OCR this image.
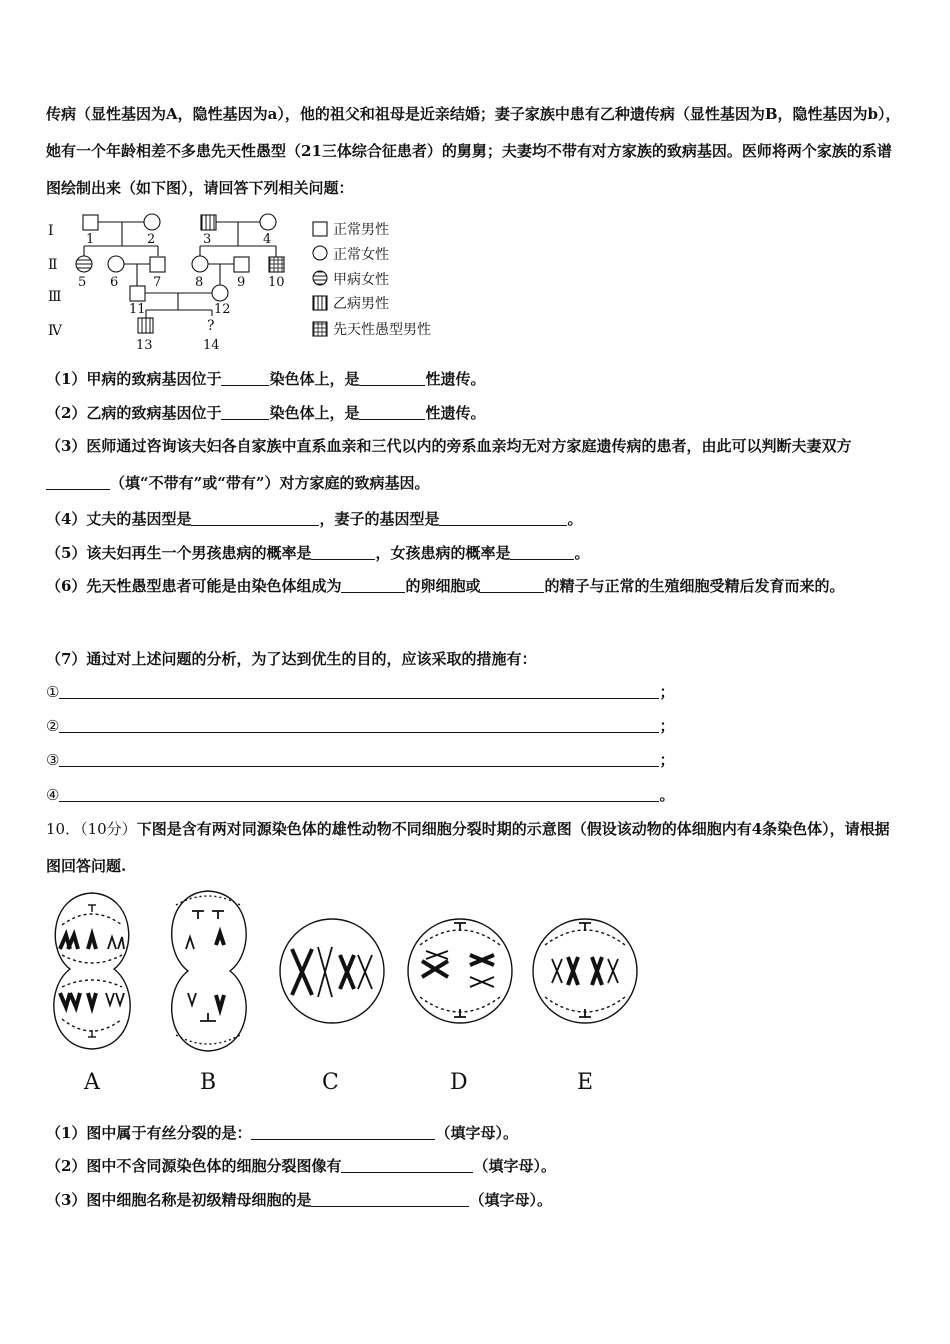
传病（显性基因为A，隐性基因为a），他的祖父和祖母是近亲结婚；妻子家族中患有乙种遗传病（显性基因为B，隐性基因为b），她有一个年龄相差不多患先天性愚型（21三体综合征患者）的舅舅；夫妻均不带有对方家族的致病基因。医师将两个家族的系谱图绘制出来（如下图），请回答下列相关问题：

Ⅰ
Ⅱ
Ⅲ
Ⅳ	?
1	2	3	4
5 6	7	8	9 10
11	12
13	14
正常男性
正常女性
甲病女性
乙病男性
先天性愚型男性
（1）甲病的致病基因位于	染色体上，是	性遗传。
（2）乙病的致病基因位于	染色体上，是	性遗传。

（3）医师通过咨询该夫妇各自家族中直系血亲和三代以内的旁系血亲均无对方家庭遗传病的患者，由此可以判断夫妻双方（填“不带有”或“带有”）对方家庭的致病基因。

（4）丈夫的基因型是	，妻子的基因型是	。
（5）该夫妇再生一个男孩患病的概率是	，女孩患病的概率是	。

（6）先天性愚型患者可能是由染色体组成为	的卵细胞或	的精子与正常的生殖细胞受精后发育而来的。

（7）通过对上述问题的分析，为了达到优生的目的，应该采取的措施有：
①	；
②	；
③	；
④	。

10．（10分）下图是含有两对同源染色体的雄性动物不同细胞分裂时期的示意图（假设该动物的体细胞内有4条染色体），请根据图回答问题.

A	B	C	D	E
（1）图中属于有丝分裂的是：	（填字母）。
（2）图中不含同源染色体的细胞分裂图像有	（填字母）。
（3）图中细胞名称是初级精母细胞的是	（填字母）。
